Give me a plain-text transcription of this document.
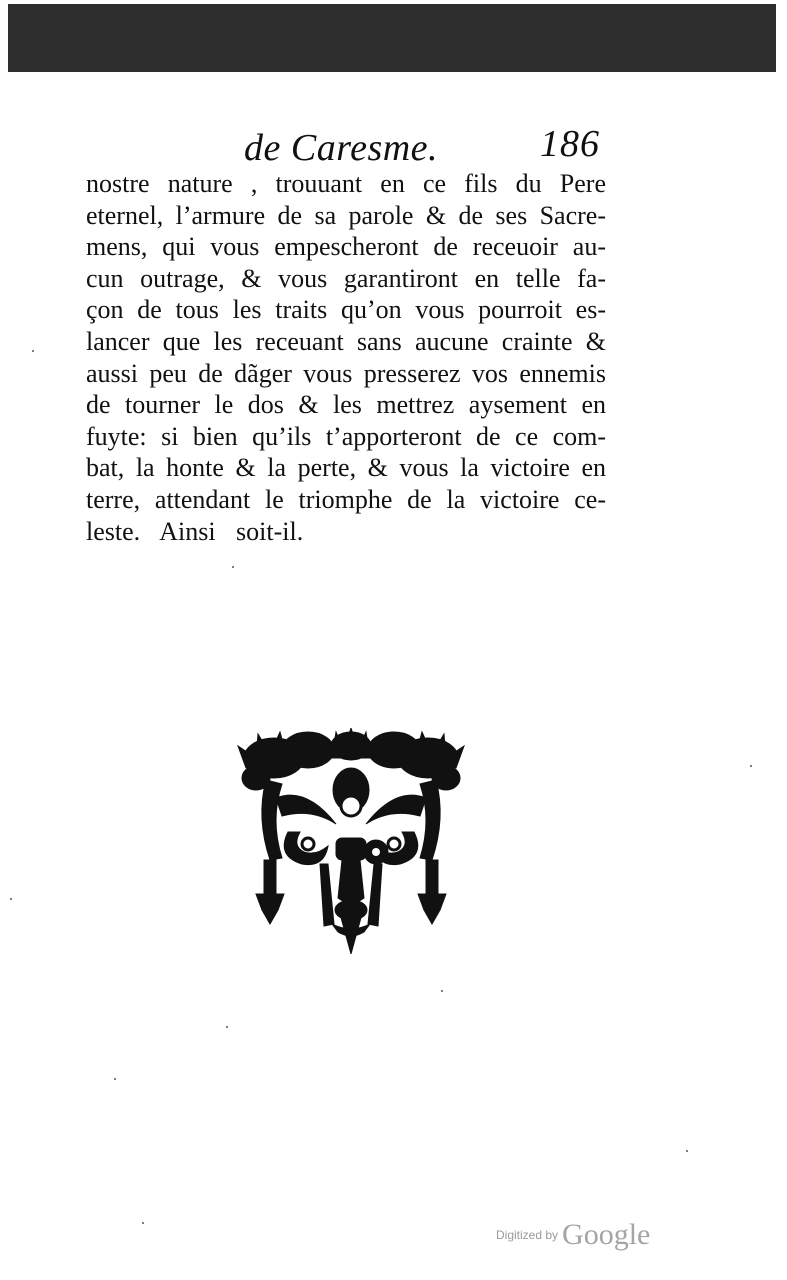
de Caresme.	186
nostre nature , trouuant en ce fils du Pere
eternel, l’armure de sa parole & de ses Sacre-
mens, qui vous empescheront de receuoir au-
cun outrage, & vous garantiront en telle fa-
çon de tous les traits qu’on vous pourroit es-
lancer que les receuant sans aucune crainte &
aussi peu de dãger vous presserez vos ennemis
de tourner le dos & les mettrez aysement en
fuyte: si bien qu’ils t’apporteront de ce com-
bat, la honte & la perte, & vous la victoire en
terre, attendant le triomphe de la victoire ce-
leste. Ainsi soit-il.
Digitized by Google
